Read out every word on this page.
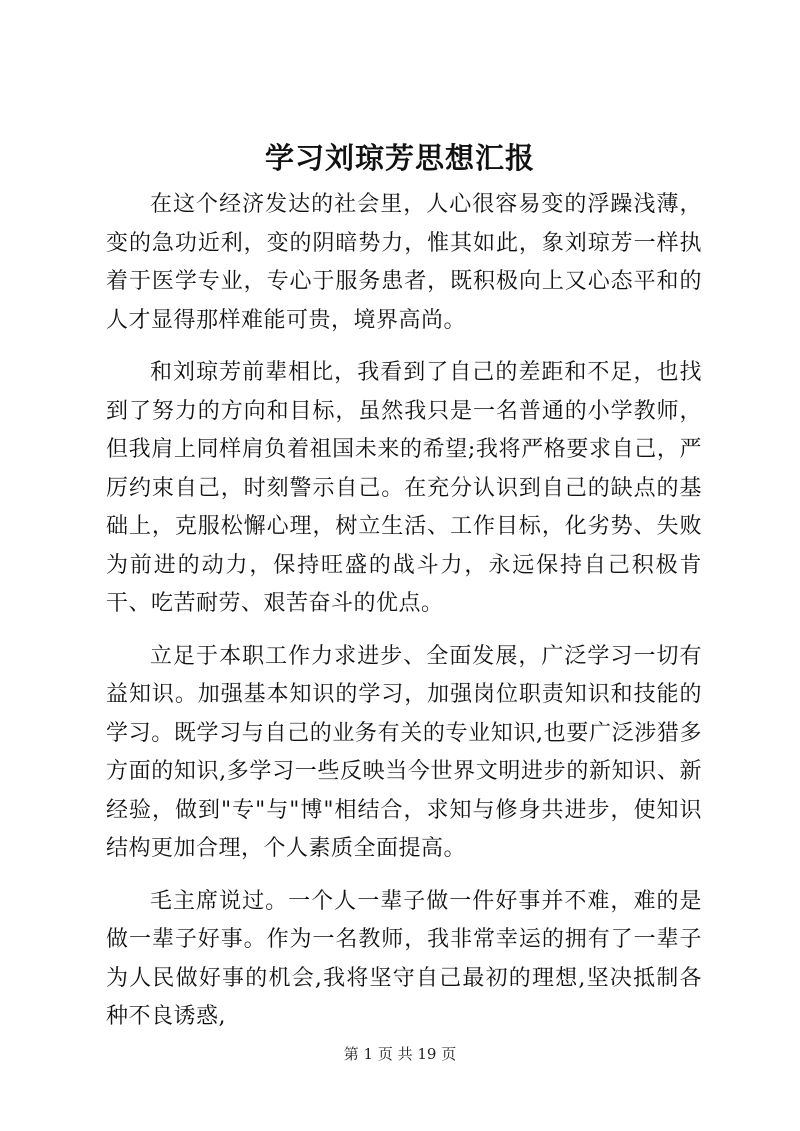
学习刘琼芳思想汇报

在这个经济发达的社会里，人心很容易变的浮躁浅薄，变的急功近利，变的阴暗势力，惟其如此，象刘琼芳一样执着于医学专业，专心于服务患者，既积极向上又心态平和的人才显得那样难能可贵，境界高尚。

和刘琼芳前辈相比，我看到了自己的差距和不足，也找到了努力的方向和目标，虽然我只是一名普通的小学教师，但我肩上同样肩负着祖国未来的希望;我将严格要求自己，严厉约束自己，时刻警示自己。在充分认识到自己的缺点的基础上，克服松懈心理，树立生活、工作目标，化劣势、失败为前进的动力，保持旺盛的战斗力，永远保持自己积极肯干、吃苦耐劳、艰苦奋斗的优点。

立足于本职工作力求进步、全面发展，广泛学习一切有益知识。加强基本知识的学习，加强岗位职责知识和技能的学习。既学习与自己的业务有关的专业知识,也要广泛涉猎多方面的知识,多学习一些反映当今世界文明进步的新知识、新经验，做到"专"与"博"相结合，求知与修身共进步，使知识结构更加合理，个人素质全面提高。

毛主席说过。一个人一辈子做一件好事并不难，难的是做一辈子好事。作为一名教师，我非常幸运的拥有了一辈子为人民做好事的机会,我将坚守自己最初的理想,坚决抵制各种不良诱惑,

第 1 页 共 19 页
